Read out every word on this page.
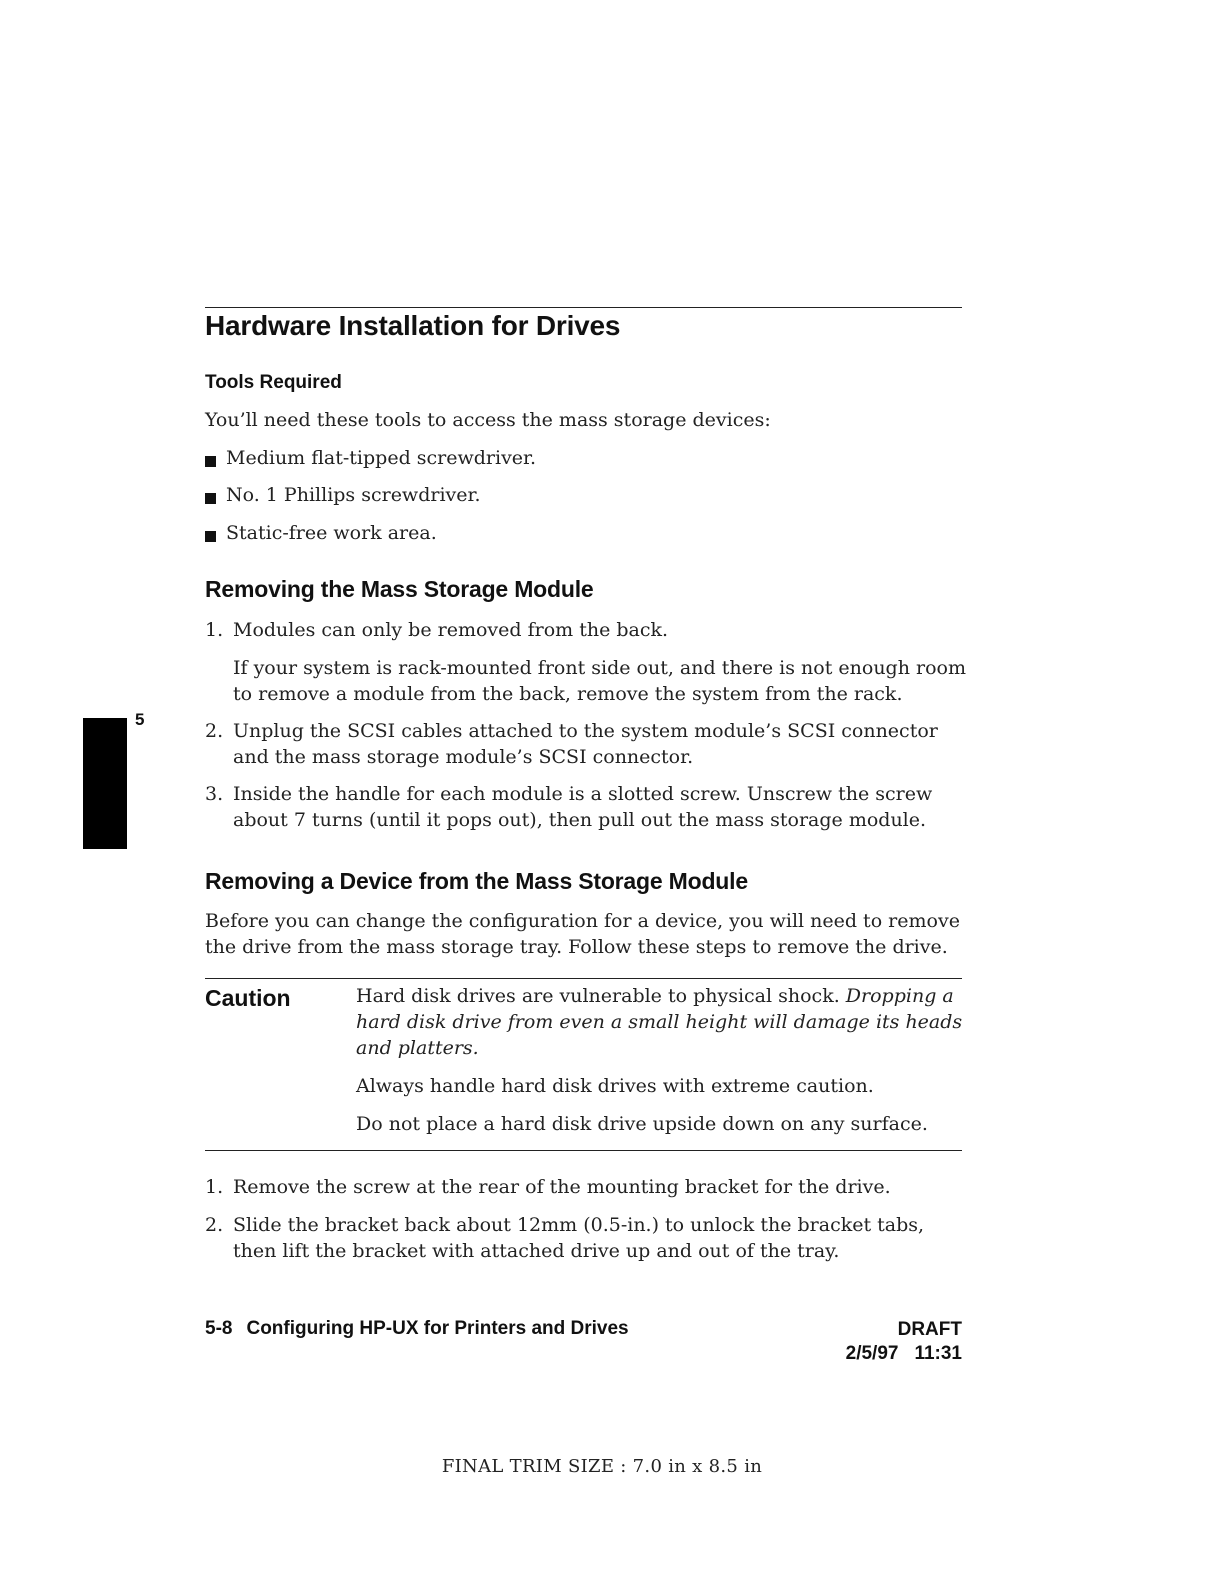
Hardware Installation for Drives
5
Tools Required

You’ll need these tools to access the mass storage devices:

Medium flat-tipped screwdriver.

No. 1 Phillips screwdriver.

Static-free work area.

Removing the Mass Storage Module
1. Modules can only be removed from the back.

If your system is rack-mounted front side out, and there is not enough room
to remove a module from the back, remove the system from the rack.

2. Unplug the SCSI cables attached to the system module’s SCSI connector
and the mass storage module’s SCSI connector.

3. Inside the handle for each module is a slotted screw. Unscrew the screw
about 7 turns (until it pops out), then pull out the mass storage module.

Removing a Device from the Mass Storage Module

Before you can change the configuration for a device, you will need to remove
the drive from the mass storage tray. Follow these steps to remove the drive.

Caution	Hard disk drives are vulnerable to physical shock. Dropping a

hard disk drive from even a small height will damage its heads
and platters.

Always handle hard disk drives with extreme caution.

Do not place a hard disk drive upside down on any surface.

1. Remove the screw at the rear of the mounting bracket for the drive.

2. Slide the bracket back about 12mm (0.5-in.) to unlock the bracket tabs,
then lift the bracket with attached drive up and out of the tray.

5-8 Configuring HP-UX for Printers and Drives	DRAFT
2/5/97 11:31
FINAL TRIM SIZE : 7.0 in x 8.5 in
